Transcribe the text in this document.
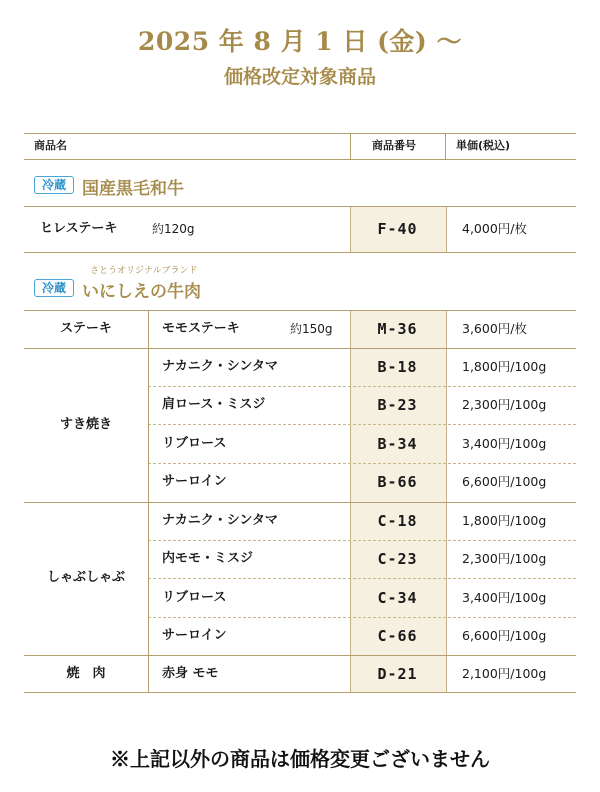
2025 年 8 月 1 日 (金) 〜
価格改定対象商品
商品名	商品番号	単価(税込)
冷蔵 国産黒毛和牛
ヒレステーキ	約120g	F-40	4,000円/枚
さとうオリジナルブランド
冷蔵 いにしえの牛肉
ステーキ	モモステーキ	約150g	M-36	3,600円/枚
すき焼き
ナカニク・シンタマ	B-18	1,800円/100g
肩ロース・ミスジ	B-23	2,300円/100g
リブロース	B-34	3,400円/100g
サーロイン	B-66	6,600円/100g
しゃぶしゃぶ
ナカニク・シンタマ	C-18	1,800円/100g
内モモ・ミスジ	C-23	2,300円/100g
リブロース	C-34	3,400円/100g
サーロイン	C-66	6,600円/100g
焼　肉	赤身 モモ	D-21	2,100円/100g
※上記以外の商品は価格変更ございません
